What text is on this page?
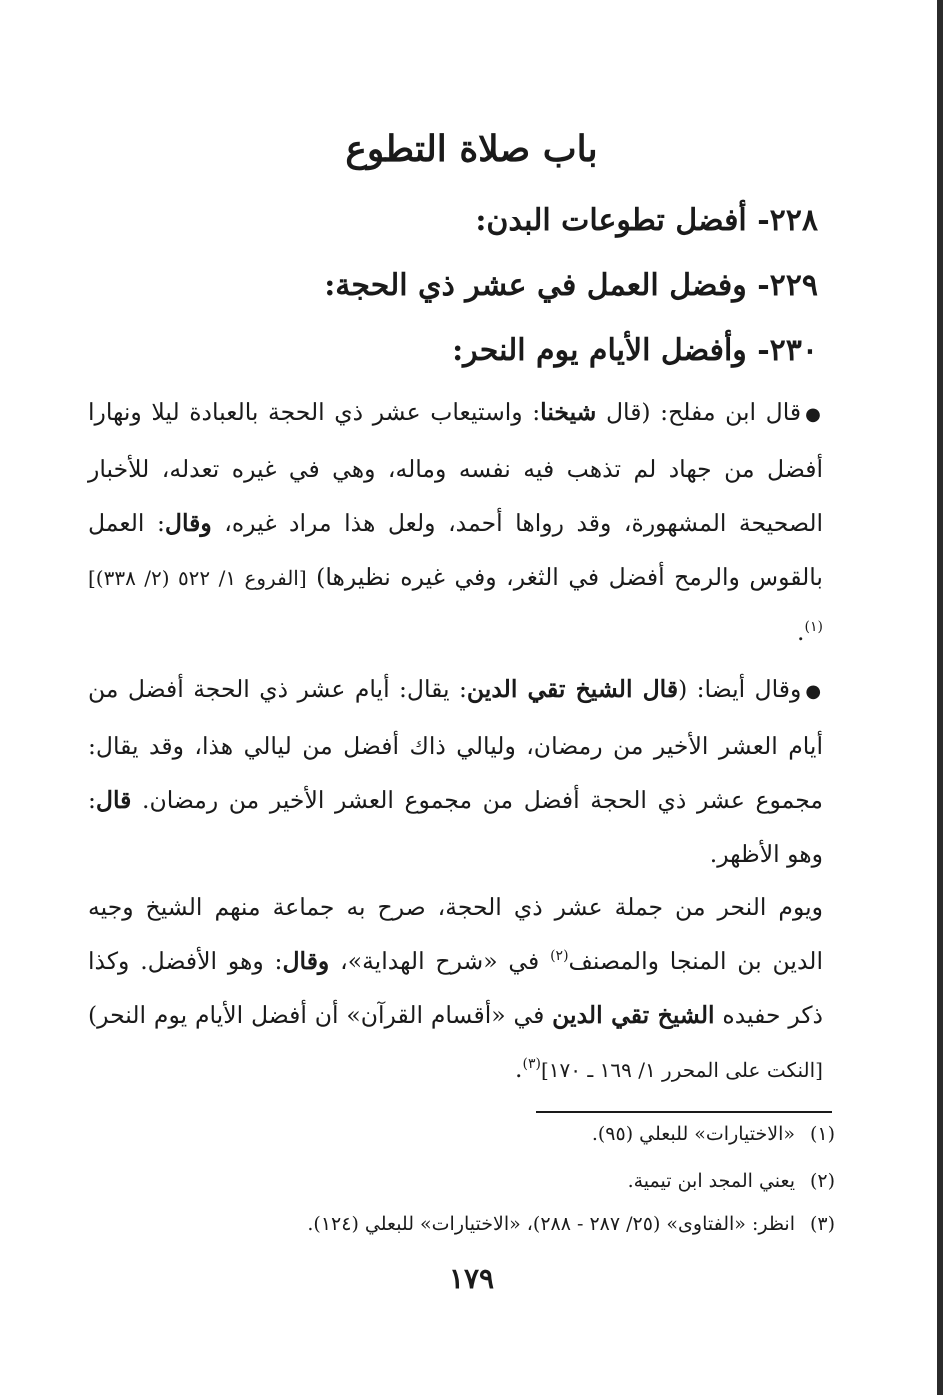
باب صلاة التطوع
٢٢٨- أفضل تطوعات البدن:
٢٢٩- وفضل العمل في عشر ذي الحجة:
٢٣٠- وأفضل الأيام يوم النحر:
●قال ابن مفلح: (قال شيخنا: واستيعاب عشر ذي الحجة بالعبادة ليلا ونهارا أفضل من جهاد لم تذهب فيه نفسه وماله، وهي في غيره تعدله، للأخبار الصحيحة المشهورة، وقد رواها أحمد، ولعل هذا مراد غيره، وقال: العمل بالقوس والرمح أفضل في الثغر، وفي غيره نظيرها) [الفروع ١/ ٥٢٢ (٢/ ٣٣٨)]$^{(١)}$.
●وقال أيضا: (قال الشيخ تقي الدين: يقال: أيام عشر ذي الحجة أفضل من أيام العشر الأخير من رمضان، وليالي ذاك أفضل من ليالي هذا، وقد يقال: مجموع عشر ذي الحجة أفضل من مجموع العشر الأخير من رمضان. قال: وهو الأظهر.
ويوم النحر من جملة عشر ذي الحجة، صرح به جماعة منهم الشيخ وجيه الدين بن المنجا والمصنف$^{(٢)}$ في «شرح الهداية»، وقال: وهو الأفضل. وكذا ذكر حفيده الشيخ تقي الدين في «أقسام القرآن» أن أفضل الأيام يوم النحر) [النكت على المحرر ١/ ١٦٩ ـ ١٧٠]$^{(٣)}$.
(١)«الاختيارات» للبعلي (٩٥).
(٢)يعني المجد ابن تيمية.
(٣)انظر: «الفتاوى» (٢٥/ ٢٨٧ - ٢٨٨)، «الاختيارات» للبعلي (١٢٤).
١٧٩
